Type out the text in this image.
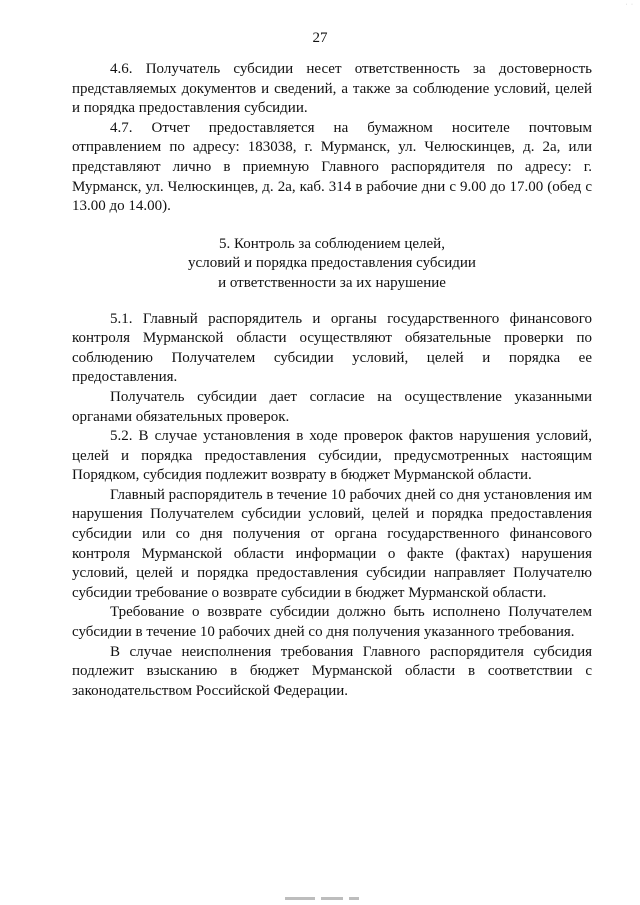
· ·
27

4.6. Получатель субсидии несет ответственность за достоверность представляемых документов и сведений, а также за соблюдение условий, целей и порядка предоставления субсидии.

4.7. Отчет предоставляется на бумажном носителе почтовым отправлением по адресу: 183038, г. Мурманск, ул. Челюскинцев, д. 2а, или представляют лично в приемную Главного распорядителя по адресу: г. Мурманск, ул. Челюскинцев, д. 2а, каб. 314 в рабочие дни с 9.00 до 17.00 (обед с 13.00 до 14.00).

5. Контроль за соблюдением целей,
условий и порядка предоставления субсидии
и ответственности за их нарушение

5.1. Главный распорядитель и органы государственного финансового контроля Мурманской области осуществляют обязательные проверки по соблюдению Получателем субсидии условий, целей и порядка ее предоставления.

Получатель субсидии дает согласие на осуществление указанными органами обязательных проверок.

5.2. В случае установления в ходе проверок фактов нарушения условий, целей и порядка предоставления субсидии, предусмотренных настоящим Порядком, субсидия подлежит возврату в бюджет Мурманской области.

Главный распорядитель в течение 10 рабочих дней со дня установления им нарушения Получателем субсидии условий, целей и порядка предоставления субсидии или со дня получения от органа государственного финансового контроля Мурманской области информации о факте (фактах) нарушения условий, целей и порядка предоставления субсидии направляет Получателю субсидии требование о возврате субсидии в бюджет Мурманской области.

Требование о возврате субсидии должно быть исполнено Получателем субсидии в течение 10 рабочих дней со дня получения указанного требования.

В случае неисполнения требования Главного распорядителя субсидия подлежит взысканию в бюджет Мурманской области в соответствии с законодательством Российской Федерации.
